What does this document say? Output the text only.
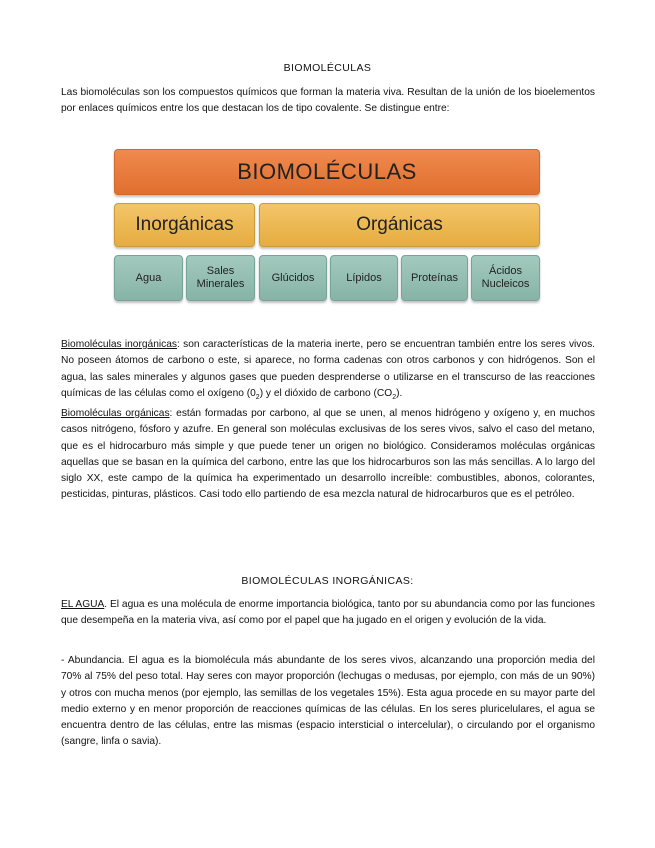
BIOMOLÉCULAS
Las biomoléculas son los compuestos químicos que forman la materia viva. Resultan de la unión de los bioelementos por enlaces químicos entre los que destacan los de tipo covalente. Se distingue entre:
BIOMOLÉCULAS
Inorgánicas	Orgánicas
Agua
Sales Minerales
Glúcidos	Lípidos	Proteínas
Ácidos Nucleicos
Biomoléculas inorgánicas: son características de la materia inerte, pero se encuentran también entre los seres vivos. No poseen átomos de carbono o este, si aparece, no forma cadenas con otros carbonos y con hidrógenos. Son el agua, las sales minerales y algunos gases que pueden desprenderse o utilizarse en el transcurso de las reacciones químicas de las células como el oxígeno $(0_2)$ y el dióxido de carbono $(CO_2)$.
Biomoléculas orgánicas: están formadas por carbono, al que se unen, al menos hidrógeno y oxígeno y, en muchos casos nitrógeno, fósforo y azufre. En general son moléculas exclusivas de los seres vivos, salvo el caso del metano, que es el hidrocarburo más simple y que puede tener un origen no biológico. Consideramos moléculas orgánicas aquellas que se basan en la química del carbono, entre las que los hidrocarburos son las más sencillas. A lo largo del siglo XX, este campo de la química ha experimentado un desarrollo increíble: combustibles, abonos, colorantes, pesticidas, pinturas, plásticos. Casi todo ello partiendo de esa mezcla natural de hidrocarburos que es el petróleo.
BIOMOLÉCULAS INORGÁNICAS:
EL AGUA. El agua es una molécula de enorme importancia biológica, tanto por su abundancia como por las funciones que desempeña en la materia viva, así como por el papel que ha jugado en el origen y evolución de la vida.
- Abundancia. El agua es la biomolécula más abundante de los seres vivos, alcanzando una proporción media del 70% al 75% del peso total. Hay seres con mayor proporción (lechugas o medusas, por ejemplo, con más de un 90%) y otros con mucha menos (por ejemplo, las semillas de los vegetales 15%). Esta agua procede en su mayor parte del medio externo y en menor proporción de reacciones químicas de las células. En los seres pluricelulares, el agua se encuentra dentro de las células, entre las mismas (espacio intersticial o intercelular), o circulando por el organismo (sangre, linfa o savia).
